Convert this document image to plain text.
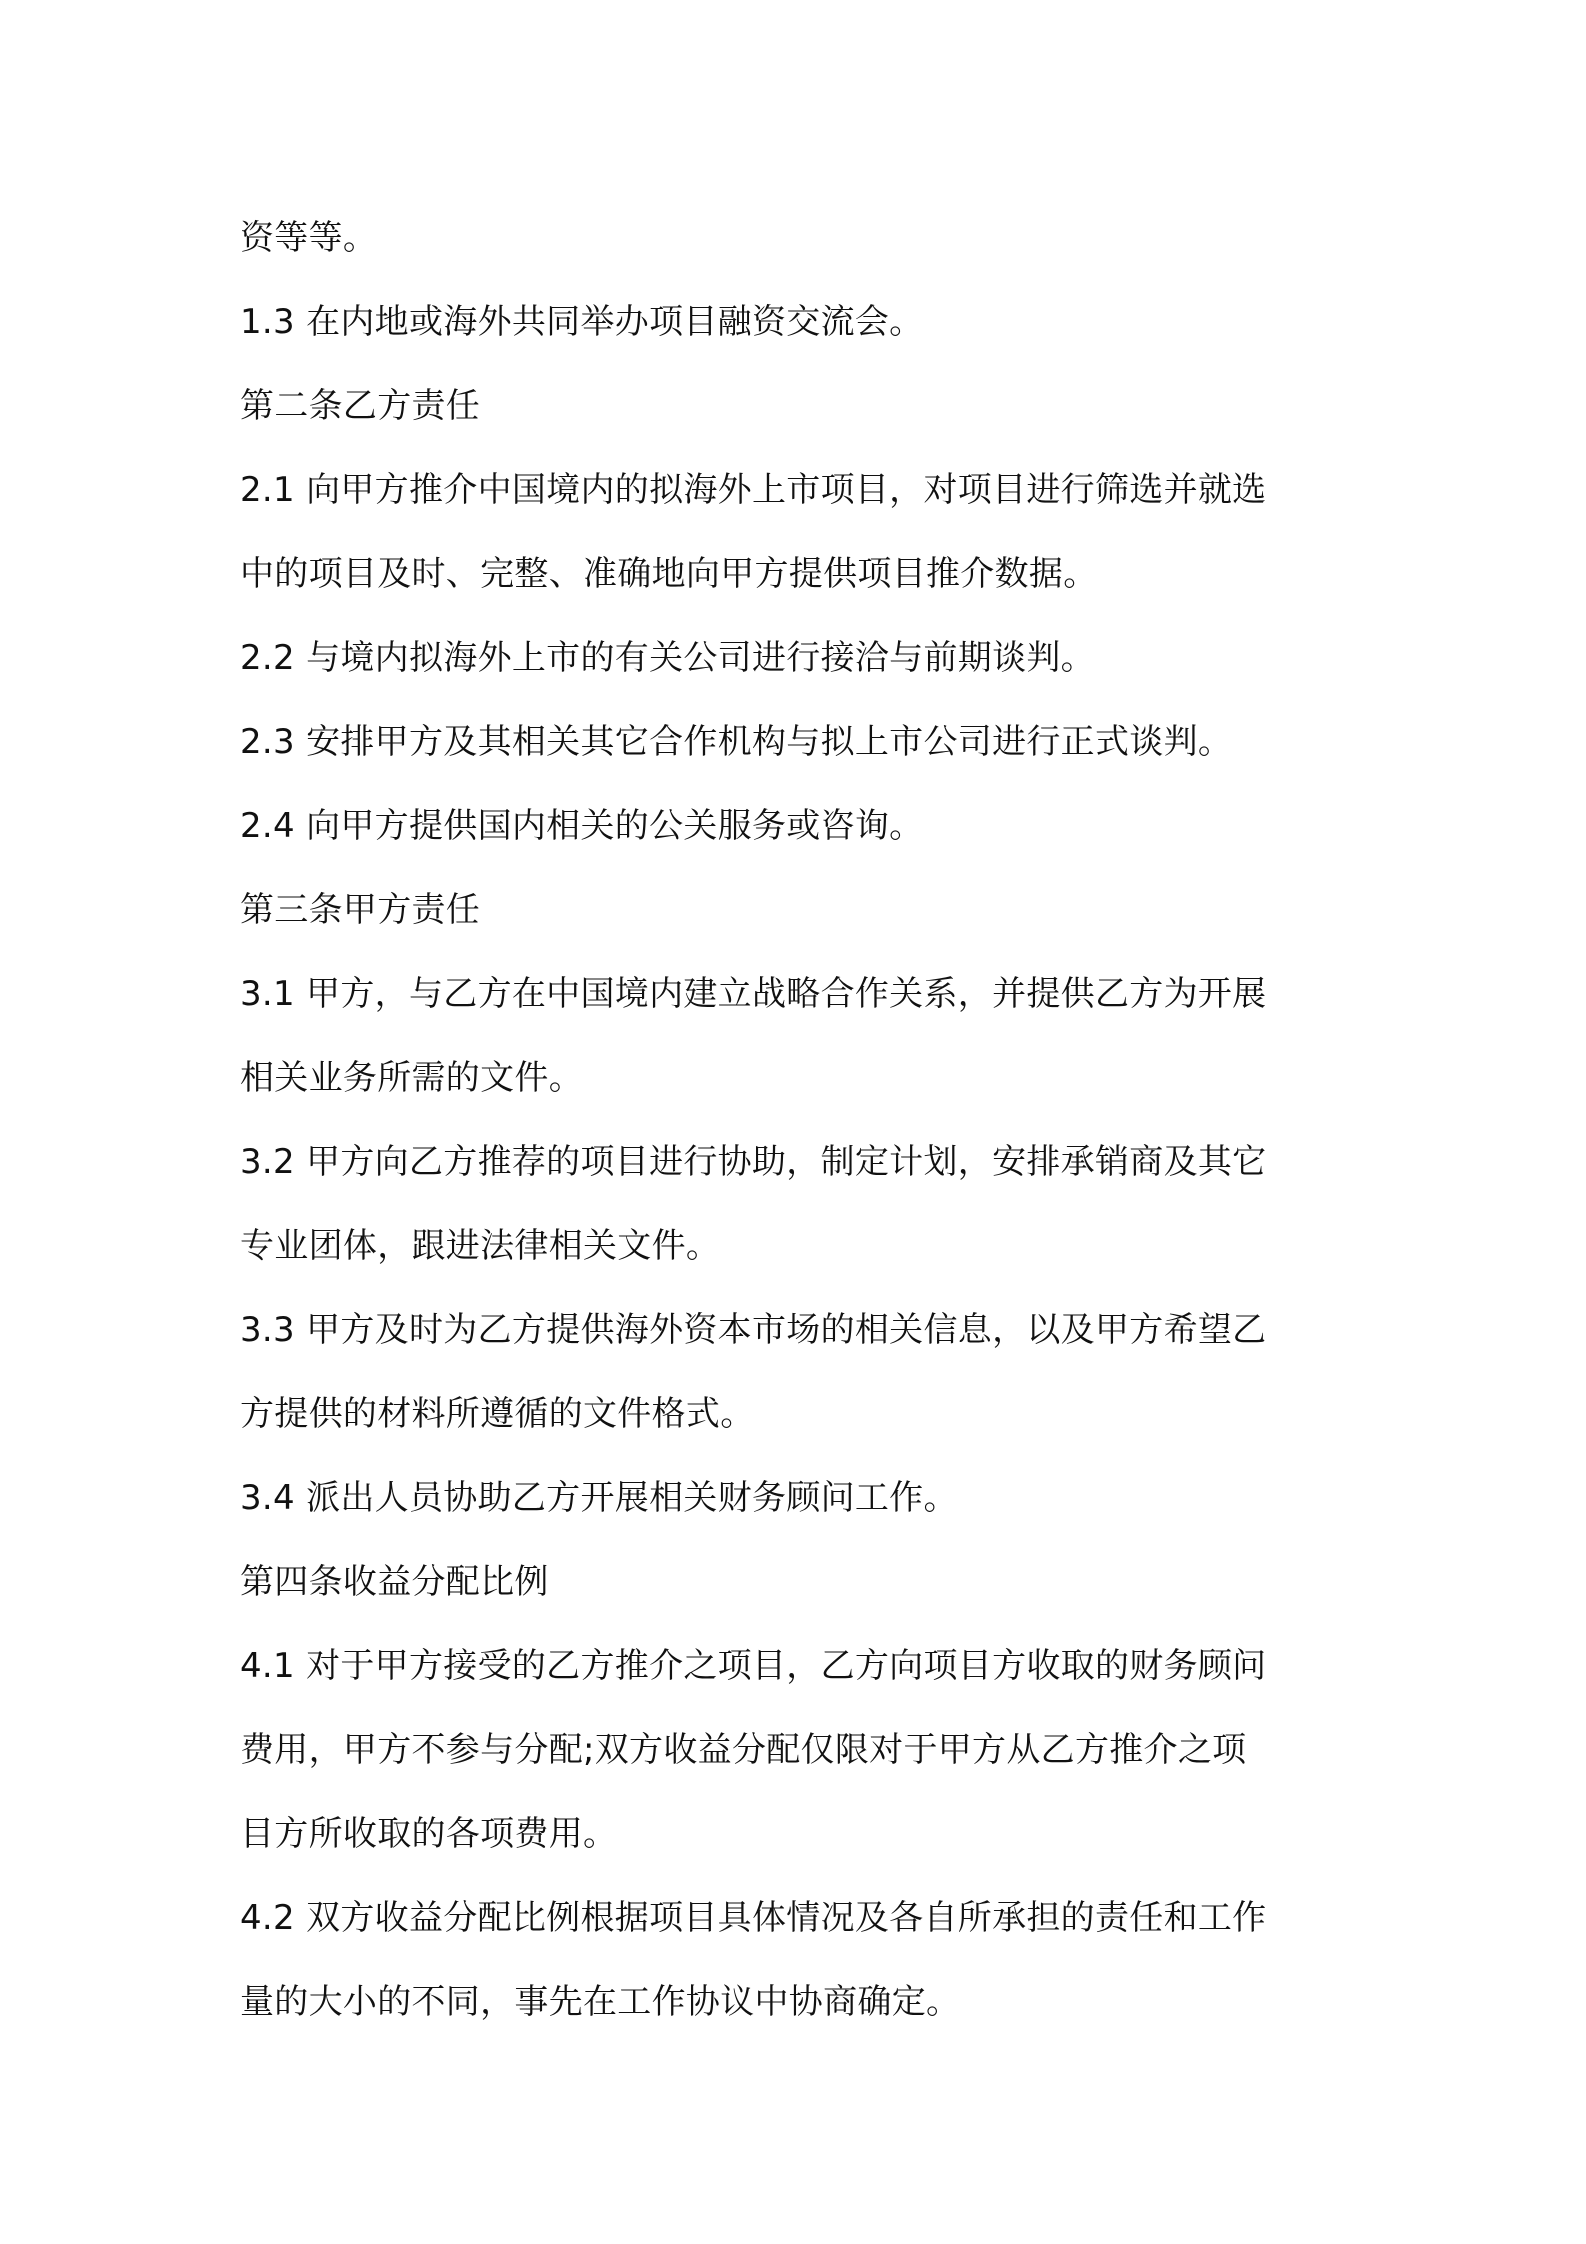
资等等。
1.3 在内地或海外共同举办项目融资交流会。
第二条乙方责任
2.1 向甲方推介中国境内的拟海外上市项目，对项目进行筛选并就选
中的项目及时、完整、准确地向甲方提供项目推介数据。
2.2 与境内拟海外上市的有关公司进行接洽与前期谈判。
2.3 安排甲方及其相关其它合作机构与拟上市公司进行正式谈判。
2.4 向甲方提供国内相关的公关服务或咨询。
第三条甲方责任
3.1 甲方，与乙方在中国境内建立战略合作关系，并提供乙方为开展
相关业务所需的文件。
3.2 甲方向乙方推荐的项目进行协助，制定计划，安排承销商及其它
专业团体，跟进法律相关文件。
3.3 甲方及时为乙方提供海外资本市场的相关信息，以及甲方希望乙
方提供的材料所遵循的文件格式。
3.4 派出人员协助乙方开展相关财务顾问工作。
第四条收益分配比例
4.1 对于甲方接受的乙方推介之项目，乙方向项目方收取的财务顾问
费用，甲方不参与分配;双方收益分配仅限对于甲方从乙方推介之项
目方所收取的各项费用。
4.2 双方收益分配比例根据项目具体情况及各自所承担的责任和工作
量的大小的不同，事先在工作协议中协商确定。
